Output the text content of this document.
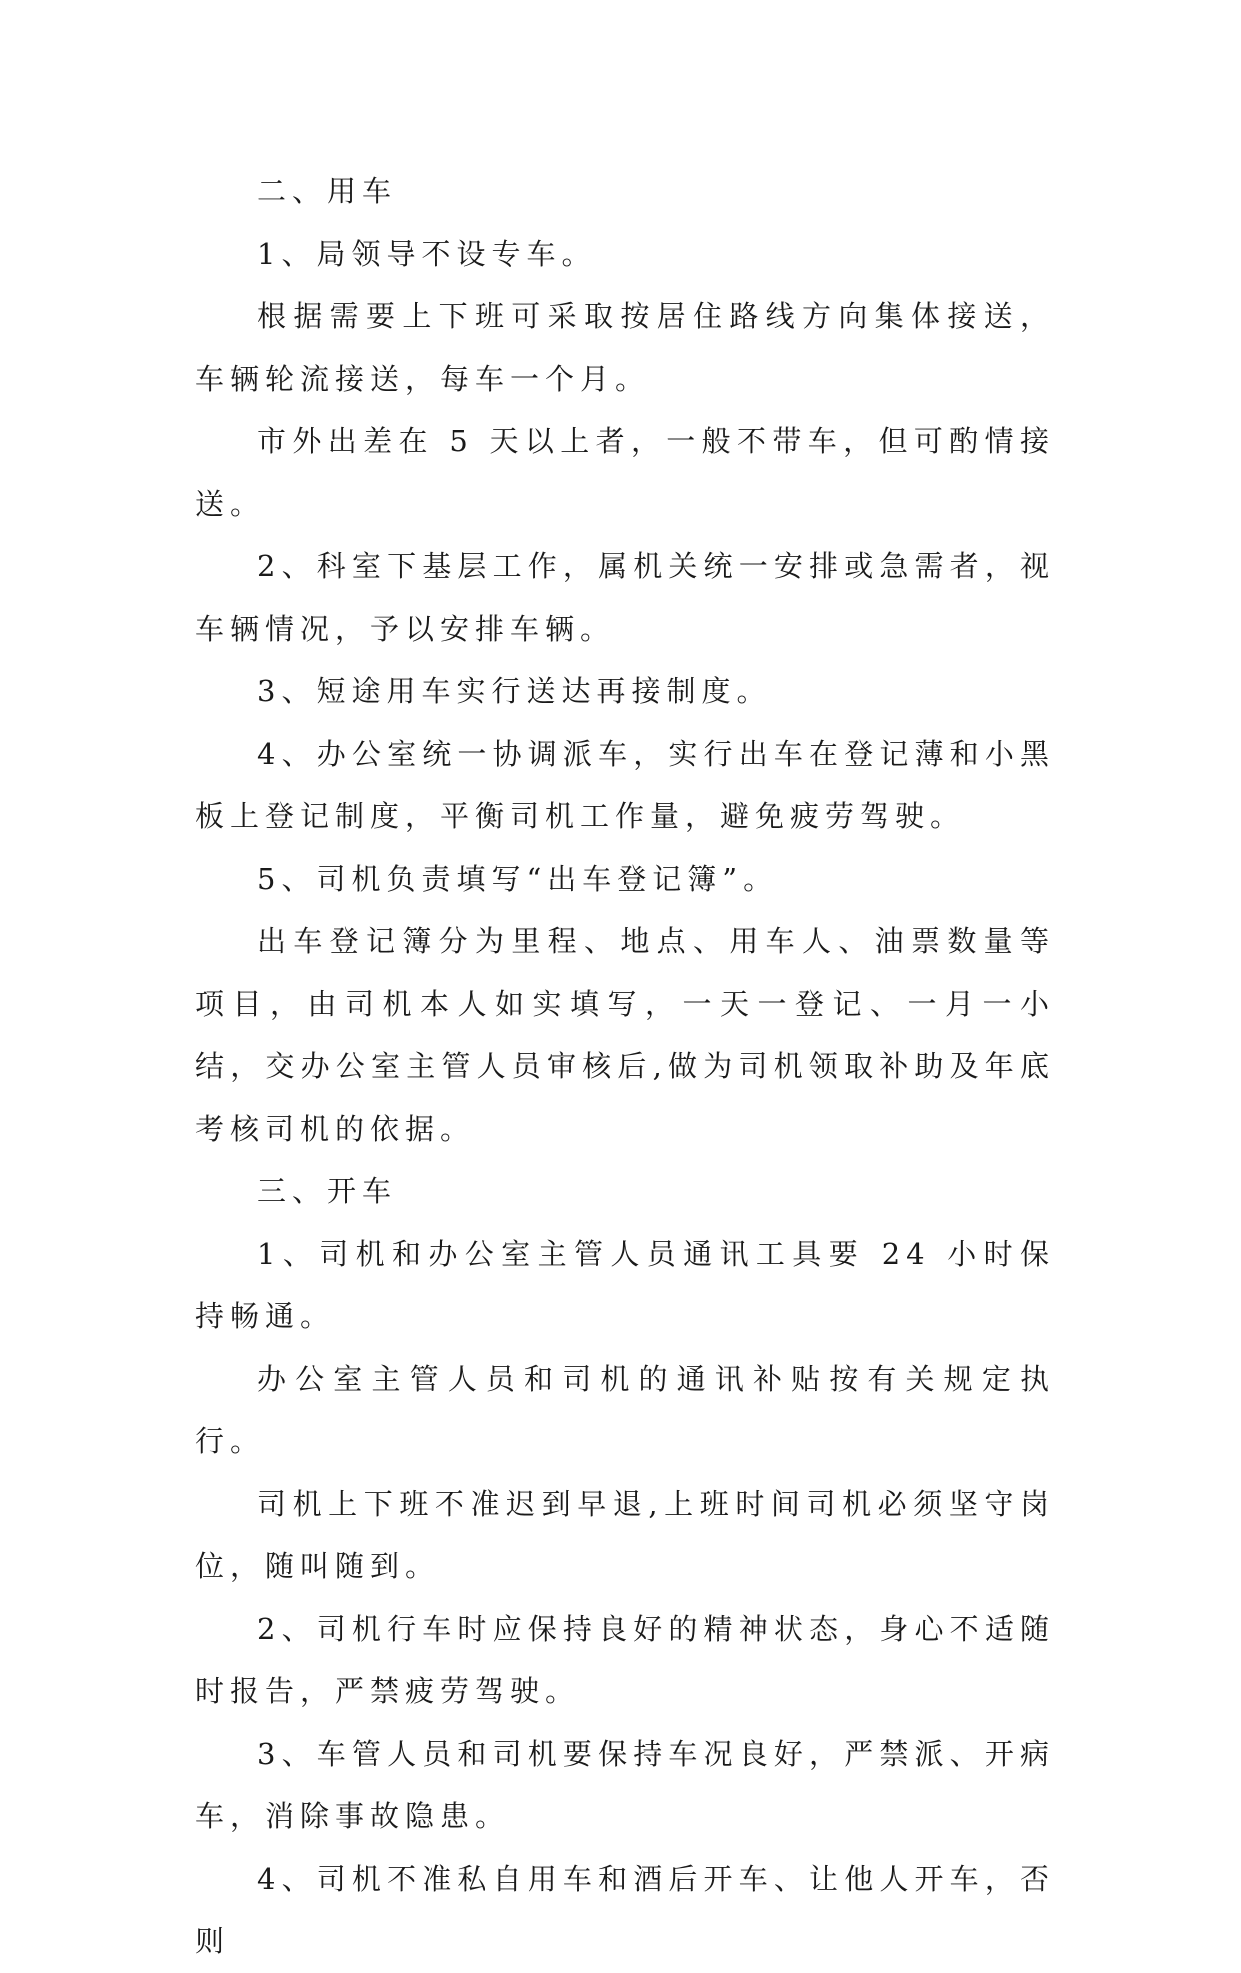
二、用车

1、局领导不设专车。

根据需要上下班可采取按居住路线方向集体接送，车辆轮流接送，每车一个月。

市外出差在 5 天以上者，一般不带车，但可酌情接送。

2、科室下基层工作，属机关统一安排或急需者，视车辆情况，予以安排车辆。

3、短途用车实行送达再接制度。

4、办公室统一协调派车，实行出车在登记薄和小黑板上登记制度，平衡司机工作量，避免疲劳驾驶。

5、司机负责填写“出车登记簿”。

出车登记簿分为里程、地点、用车人、油票数量等项目，由司机本人如实填写，一天一登记、一月一小结，交办公室主管人员审核后,做为司机领取补助及年底考核司机的依据。

三、开车

1、司机和办公室主管人员通讯工具要 24 小时保持畅通。

办公室主管人员和司机的通讯补贴按有关规定执行。

司机上下班不准迟到早退,上班时间司机必须坚守岗位，随叫随到。

2、司机行车时应保持良好的精神状态，身心不适随时报告，严禁疲劳驾驶。

3、车管人员和司机要保持车况良好，严禁派、开病车，消除事故隐患。

4、司机不准私自用车和酒后开车、让他人开车，否则
